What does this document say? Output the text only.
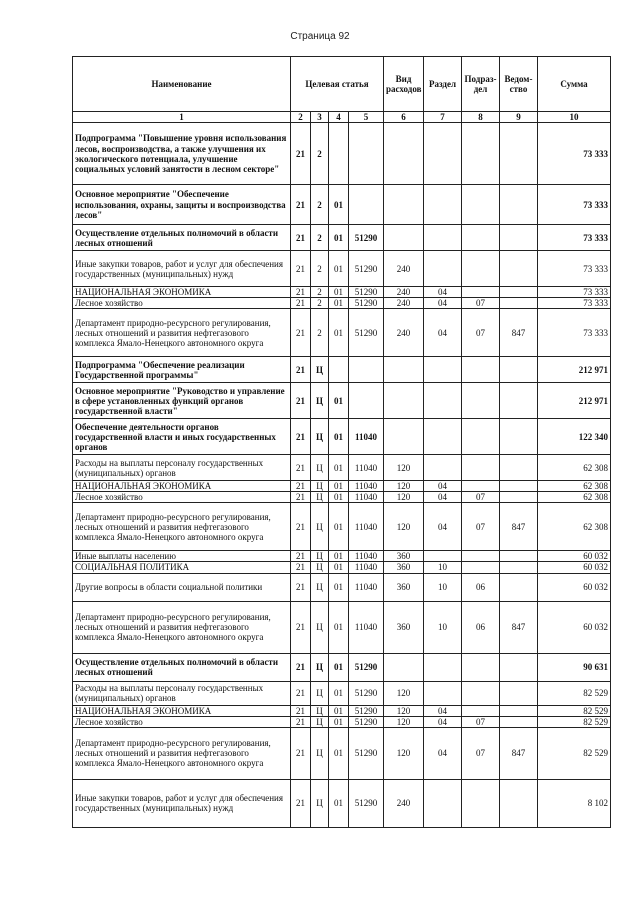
Страница 92
Наименование	Целевая статья				Вид расходов	Раздел	Подраз-дел	Ведом-ство	Сумма
1	2	3	4	5	6	7	8	9	10
Подпрограмма "Повышение уровня использования лесов, воспроизводства, а также улучшения их экологического потенциала, улучшение социальных условий занятости в лесном секторе"	21	2							73 333
Основное мероприятие "Обеспечение использования, охраны, защиты и воспроизводства лесов"	21	2	01						73 333
Осуществление отдельных полномочий в области лесных отношений	21	2	01	51290					73 333
Иные закупки товаров, работ и услуг для обеспечения государственных (муниципальных) нужд	21	2	01	51290	240				73 333
НАЦИОНАЛЬНАЯ ЭКОНОМИКА	21	2	01	51290	240	04			73 333
Лесное хозяйство	21	2	01	51290	240	04	07		73 333
Департамент природно-ресурсного регулирования, лесных отношений и развития нефтегазового комплекса Ямало-Ненецкого автономного округа	21	2	01	51290	240	04	07	847	73 333
Подпрограмма "Обеспечение реализации Государственной программы"	21	Ц							212 971
Основное мероприятие "Руководство и управление в сфере установленных функций органов государственной власти"	21	Ц	01						212 971
Обеспечение деятельности органов государственной власти и иных государственных органов	21	Ц	01	11040					122 340
Расходы на выплаты персоналу государственных (муниципальных) органов	21	Ц	01	11040	120				62 308
НАЦИОНАЛЬНАЯ ЭКОНОМИКА	21	Ц	01	11040	120	04			62 308
Лесное хозяйство	21	Ц	01	11040	120	04	07		62 308
Департамент природно-ресурсного регулирования, лесных отношений и развития нефтегазового комплекса Ямало-Ненецкого автономного округа	21	Ц	01	11040	120	04	07	847	62 308
Иные выплаты населению	21	Ц	01	11040	360				60 032
СОЦИАЛЬНАЯ ПОЛИТИКА	21	Ц	01	11040	360	10			60 032
Другие вопросы в области социальной политики	21	Ц	01	11040	360	10	06		60 032
Департамент природно-ресурсного регулирования, лесных отношений и развития нефтегазового комплекса Ямало-Ненецкого автономного округа	21	Ц	01	11040	360	10	06	847	60 032
Осуществление отдельных полномочий в области лесных отношений	21	Ц	01	51290					90 631
Расходы на выплаты персоналу государственных (муниципальных) органов	21	Ц	01	51290	120				82 529
НАЦИОНАЛЬНАЯ ЭКОНОМИКА	21	Ц	01	51290	120	04			82 529
Лесное хозяйство	21	Ц	01	51290	120	04	07		82 529
Департамент природно-ресурсного регулирования, лесных отношений и развития нефтегазового комплекса Ямало-Ненецкого автономного округа	21	Ц	01	51290	120	04	07	847	82 529
Иные закупки товаров, работ и услуг для обеспечения государственных (муниципальных) нужд	21	Ц	01	51290	240				8 102
